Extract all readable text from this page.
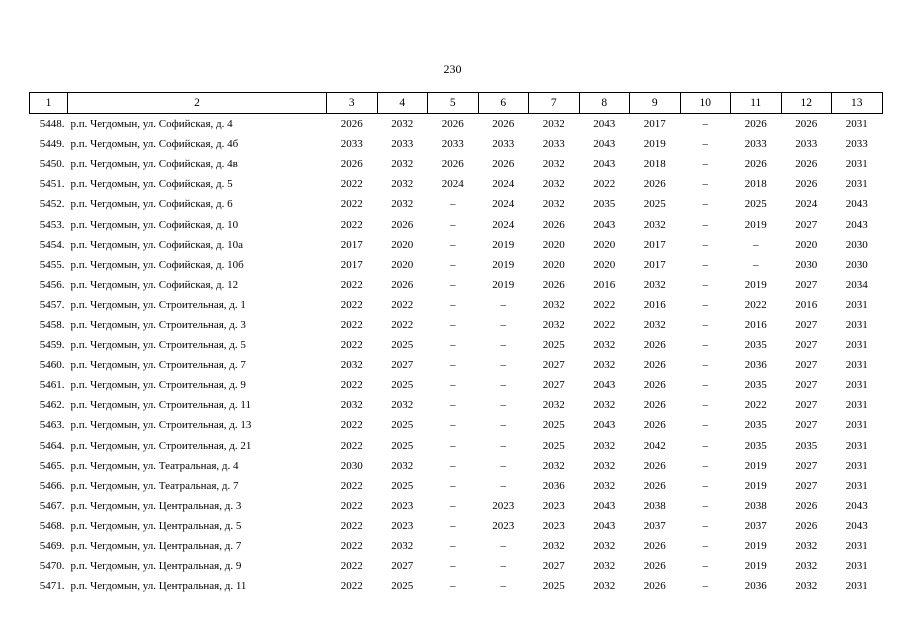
230
1	2	3	4	5	6	7	8	9	10	11	12	13
5448.	р.п. Чегдомын, ул. Софийская, д. 4	2026	2032	2026	2026	2032	2043	2017	–	2026	2026	2031
5449.	р.п. Чегдомын, ул. Софийская, д. 4б	2033	2033	2033	2033	2033	2043	2019	–	2033	2033	2033
5450.	р.п. Чегдомын, ул. Софийская, д. 4в	2026	2032	2026	2026	2032	2043	2018	–	2026	2026	2031
5451.	р.п. Чегдомын, ул. Софийская, д. 5	2022	2032	2024	2024	2032	2022	2026	–	2018	2026	2031
5452.	р.п. Чегдомын, ул. Софийская, д. 6	2022	2032	–	2024	2032	2035	2025	–	2025	2024	2043
5453.	р.п. Чегдомын, ул. Софийская, д. 10	2022	2026	–	2024	2026	2043	2032	–	2019	2027	2043
5454.	р.п. Чегдомын, ул. Софийская, д. 10а	2017	2020	–	2019	2020	2020	2017	–	–	2020	2030
5455.	р.п. Чегдомын, ул. Софийская, д. 10б	2017	2020	–	2019	2020	2020	2017	–	–	2030	2030
5456.	р.п. Чегдомын, ул. Софийская, д. 12	2022	2026	–	2019	2026	2016	2032	–	2019	2027	2034
5457.	р.п. Чегдомын, ул. Строительная, д. 1	2022	2022	–	–	2032	2022	2016	–	2022	2016	2031
5458.	р.п. Чегдомын, ул. Строительная, д. 3	2022	2022	–	–	2032	2022	2032	–	2016	2027	2031
5459.	р.п. Чегдомын, ул. Строительная, д. 5	2022	2025	–	–	2025	2032	2026	–	2035	2027	2031
5460.	р.п. Чегдомын, ул. Строительная, д. 7	2032	2027	–	–	2027	2032	2026	–	2036	2027	2031
5461.	р.п. Чегдомын, ул. Строительная, д. 9	2022	2025	–	–	2027	2043	2026	–	2035	2027	2031
5462.	р.п. Чегдомын, ул. Строительная, д. 11	2032	2032	–	–	2032	2032	2026	–	2022	2027	2031
5463.	р.п. Чегдомын, ул. Строительная, д. 13	2022	2025	–	–	2025	2043	2026	–	2035	2027	2031
5464.	р.п. Чегдомын, ул. Строительная, д. 21	2022	2025	–	–	2025	2032	2042	–	2035	2035	2031
5465.	р.п. Чегдомын, ул. Театральная, д. 4	2030	2032	–	–	2032	2032	2026	–	2019	2027	2031
5466.	р.п. Чегдомын, ул. Театральная, д. 7	2022	2025	–	–	2036	2032	2026	–	2019	2027	2031
5467.	р.п. Чегдомын, ул. Центральная, д. 3	2022	2023	–	2023	2023	2043	2038	–	2038	2026	2043
5468.	р.п. Чегдомын, ул. Центральная, д. 5	2022	2023	–	2023	2023	2043	2037	–	2037	2026	2043
5469.	р.п. Чегдомын, ул. Центральная, д. 7	2022	2032	–	–	2032	2032	2026	–	2019	2032	2031
5470.	р.п. Чегдомын, ул. Центральная, д. 9	2022	2027	–	–	2027	2032	2026	–	2019	2032	2031
5471.	р.п. Чегдомын, ул. Центральная, д. 11	2022	2025	–	–	2025	2032	2026	–	2036	2032	2031
